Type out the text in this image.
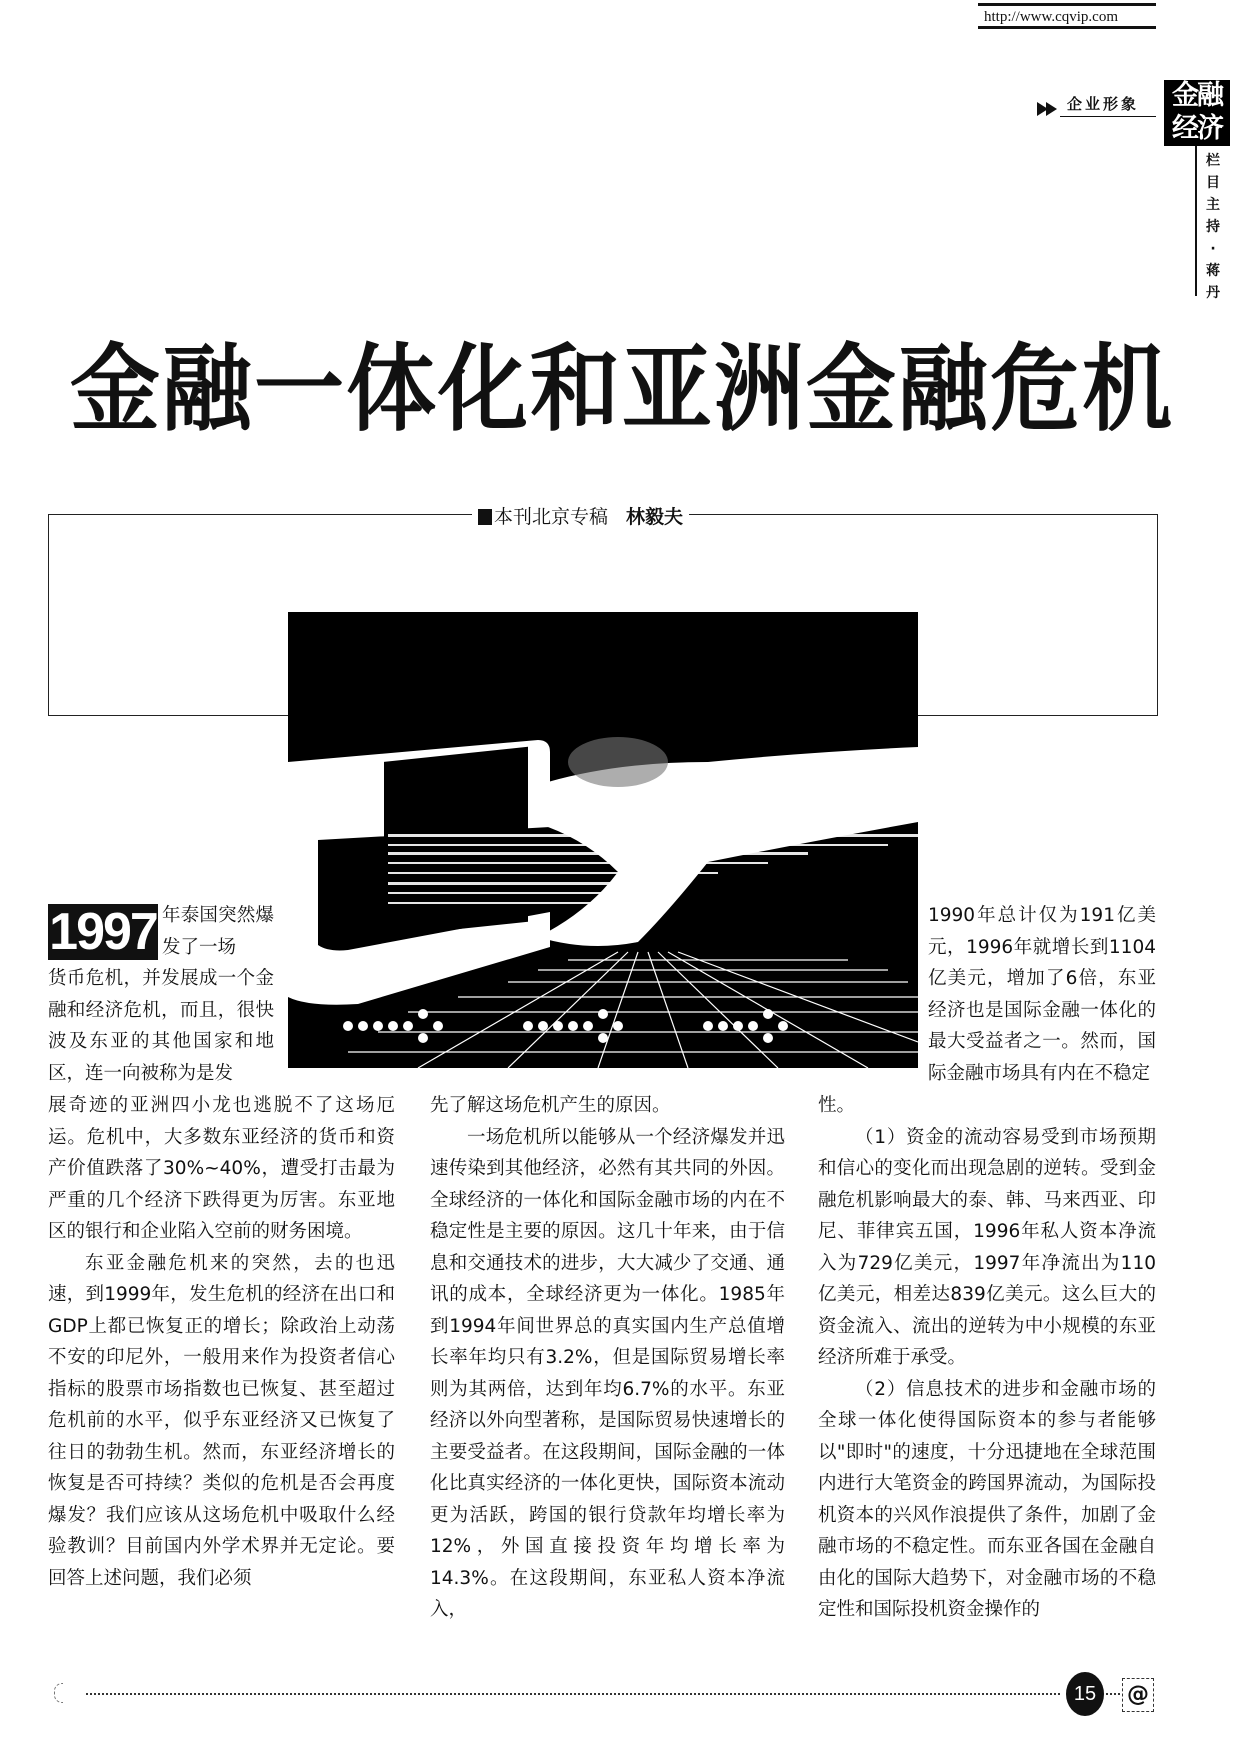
http://www.cqvip.com
企业形象 金融
经济
栏目主持·蒋丹
金融一体化和亚洲金融危机
本刊北京专稿 林毅夫
1997 年泰国突然爆发了一场

货币危机，并发展成一个金融和经济危机，而且，很快波及东亚的其他国家和地区，连一向被称为是发

展奇迹的亚洲四小龙也逃脱不了这场厄运。危机中，大多数东亚经济的货币和资产价值跌落了30%~40%，遭受打击最为严重的几个经济下跌得更为厉害。东亚地区的银行和企业陷入空前的财务困境。

东亚金融危机来的突然，去的也迅速，到1999年，发生危机的经济在出口和GDP上都已恢复正的增长；除政治上动荡不安的印尼外，一般用来作为投资者信心指标的股票市场指数也已恢复、甚至超过危机前的水平，似乎东亚经济又已恢复了往日的勃勃生机。然而，东亚经济增长的恢复是否可持续？类似的危机是否会再度爆发？我们应该从这场危机中吸取什么经验教训？目前国内外学术界并无定论。要回答上述问题，我们必须

先了解这场危机产生的原因。

一场危机所以能够从一个经济爆发并迅速传染到其他经济，必然有其共同的外因。全球经济的一体化和国际金融市场的内在不稳定性是主要的原因。这几十年来，由于信息和交通技术的进步，大大减少了交通、通讯的成本，全球经济更为一体化。1985年到1994年间世界总的真实国内生产总值增长率年均只有3.2%，但是国际贸易增长率则为其两倍，达到年均6.7%的水平。东亚经济以外向型著称，是国际贸易快速增长的主要受益者。在这段期间，国际金融的一体化比真实经济的一体化更快，国际资本流动更为活跃，跨国的银行贷款年均增长率为12%，外国直接投资年均增长率为14.3%。在这段期间，东亚私人资本净流入，

1990年总计仅为191亿美元，1996年就增长到1104亿美元，增加了6倍，东亚经济也是国际金融一体化的最大受益者之一。然而，国际金融市场具有内在不稳定

性。

（1）资金的流动容易受到市场预期和信心的变化而出现急剧的逆转。受到金融危机影响最大的泰、韩、马来西亚、印尼、菲律宾五国，1996年私人资本净流入为729亿美元，1997年净流出为110亿美元，相差达839亿美元。这么巨大的资金流入、流出的逆转为中小规模的东亚经济所难于承受。

（2）信息技术的进步和金融市场的全球一体化使得国际资本的参与者能够以"即时"的速度，十分迅捷地在全球范围内进行大笔资金的跨国界流动，为国际投机资本的兴风作浪提供了条件，加剧了金融市场的不稳定性。而东亚各国在金融自由化的国际大趋势下，对金融市场的不稳定性和国际投机资金操作的

15	@
